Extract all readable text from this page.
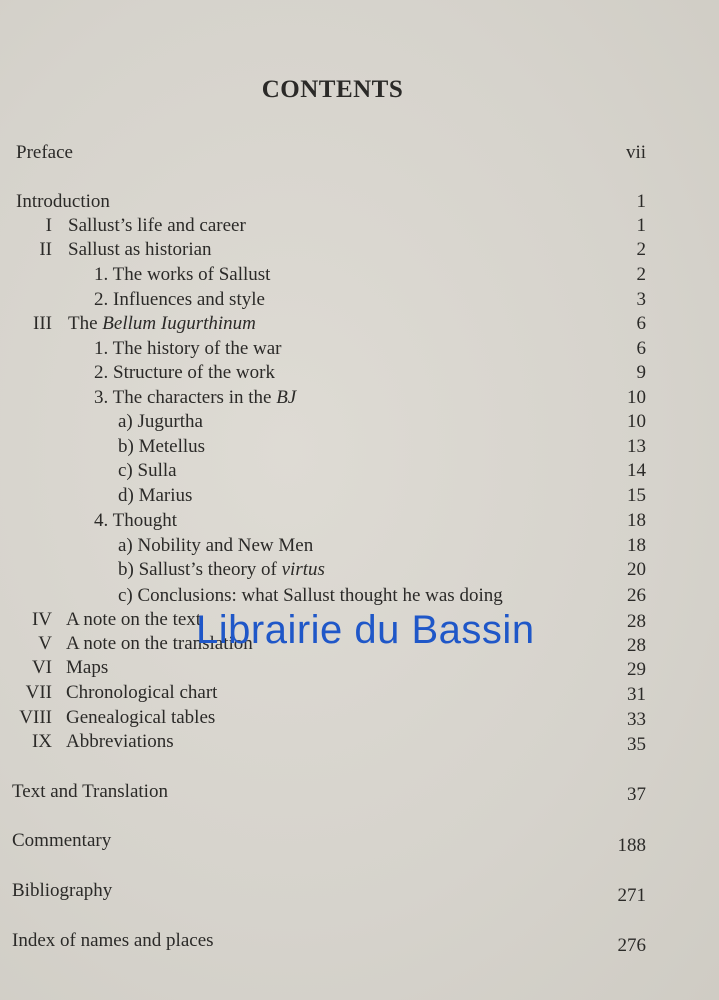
CONTENTS
Preface	vii
Introduction	1
I Sallust’s life and career	1
II Sallust as historian	2
1. The works of Sallust	2
2. Influences and style	3
III The Bellum Iugurthinum	6
1. The history of the war	6
2. Structure of the work	9
3. The characters in the BJ	10
a) Jugurtha	10
b) Metellus	13
c) Sulla	14
d) Marius	15
4. Thought	18
a) Nobility and New Men	18
b) Sallust’s theory of virtus	20
c) Conclusions: what Sallust thought he was doing	26
IV A note on the text	28
V A note on the translation	28
VI Maps	29
VII Chronological chart	31
VIII Genealogical tables	33
IX Abbreviations	35
Text and Translation	37
Commentary	188
Bibliography	271
Index of names and places	276
Librairie du Bassin
